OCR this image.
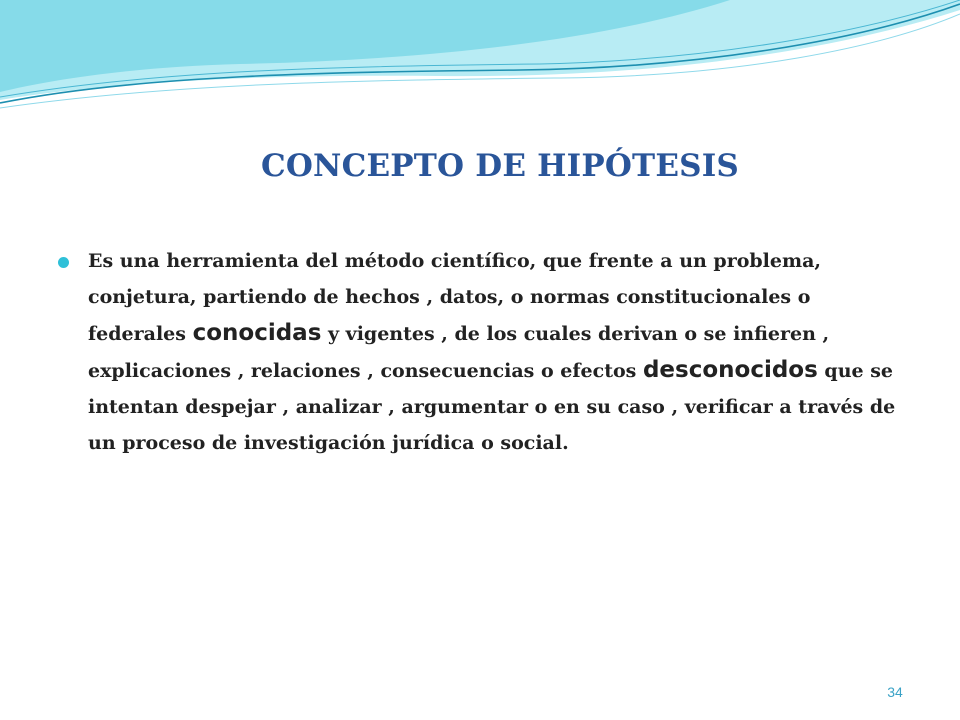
CONCEPTO DE HIPÓTESIS

Es una herramienta del método científico, que frente a un problema, conjetura, partiendo de hechos , datos, o normas constitucionales o federales conocidas y vigentes , de los cuales derivan o se infieren , explicaciones , relaciones , consecuencias o efectos desconocidos que se intentan despejar , analizar , argumentar o en su caso , verificar a través de un proceso de investigación jurídica o social.

34
